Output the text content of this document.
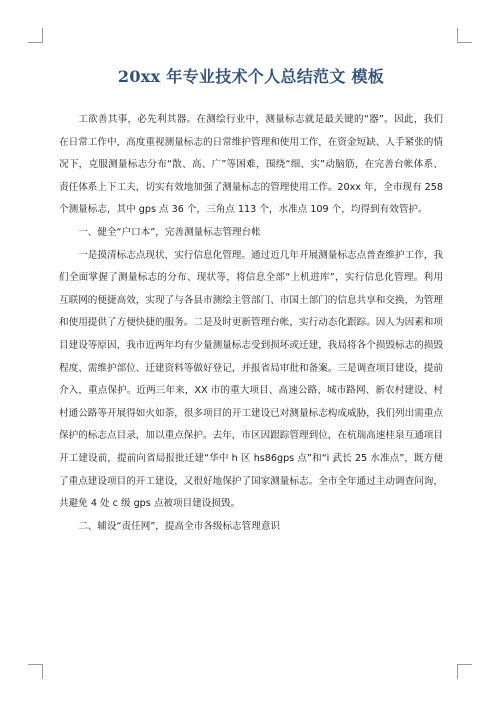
20xx 年专业技术个人总结范文 模板

工欲善其事，必先利其器。在测绘行业中，测量标志就是最关键的“器”。因此，我们在日常工作中，高度重视测量标志的日常维护管理和使用工作，在资金短缺、人手紧张的情况下，克服测量标志分布“散、高、广”等困难，围绕“细、实”动脑筋，在完善台帐体系、责任体系上下工夫，切实有效地加强了测量标志的管理使用工作。20xx 年，全市现有 258 个测量标志，其中 gps 点 36 个，三角点 113 个，水准点 109 个，均得到有效管护。

一、健全“户口本”，完善测量标志管理台帐

一是摸清标志点现状，实行信息化管理。通过近几年开展测量标志点普查维护工作，我们全面掌握了测量标志的分布、现状等，将信息全部“上机进库”，实行信息化管理。利用互联网的便捷高效，实现了与各县市测绘主管部门、市国土部门的信息共享和交换，为管理和使用提供了方便快捷的服务。二是及时更新管理台帐，实行动态化跟踪。因人为因素和项目建设等原因，我市近两年均有少量测量标志受到损坏或迁建，我局将各个损毁标志的损毁程度、需维护部位、迁建资料等做好登记，并报省局审批和备案。三是调查项目建设，提前介入，重点保护。近两三年来，XX 市的重大项目、高速公路、城市路网、新农村建设、村村通公路等开展得如火如荼，很多项目的开工建设已对测量标志构成威胁，我们列出需重点保护的标志点目录，加以重点保护。去年，市区因跟踪管理到位，在杭瑞高速桂泉互通项目开工建设前，提前向省局报批迁建“华中 h 区 hs86gps 点”和“i 武长 25 水准点”，既方便了重点建设项目的开工建设，又很好地保护了国家测量标志。全市全年通过主动调查问询，共避免 4 处 c 级 gps 点被项目建设损毁。

二、辅设“责任网”，提高全市各级标志管理意识
